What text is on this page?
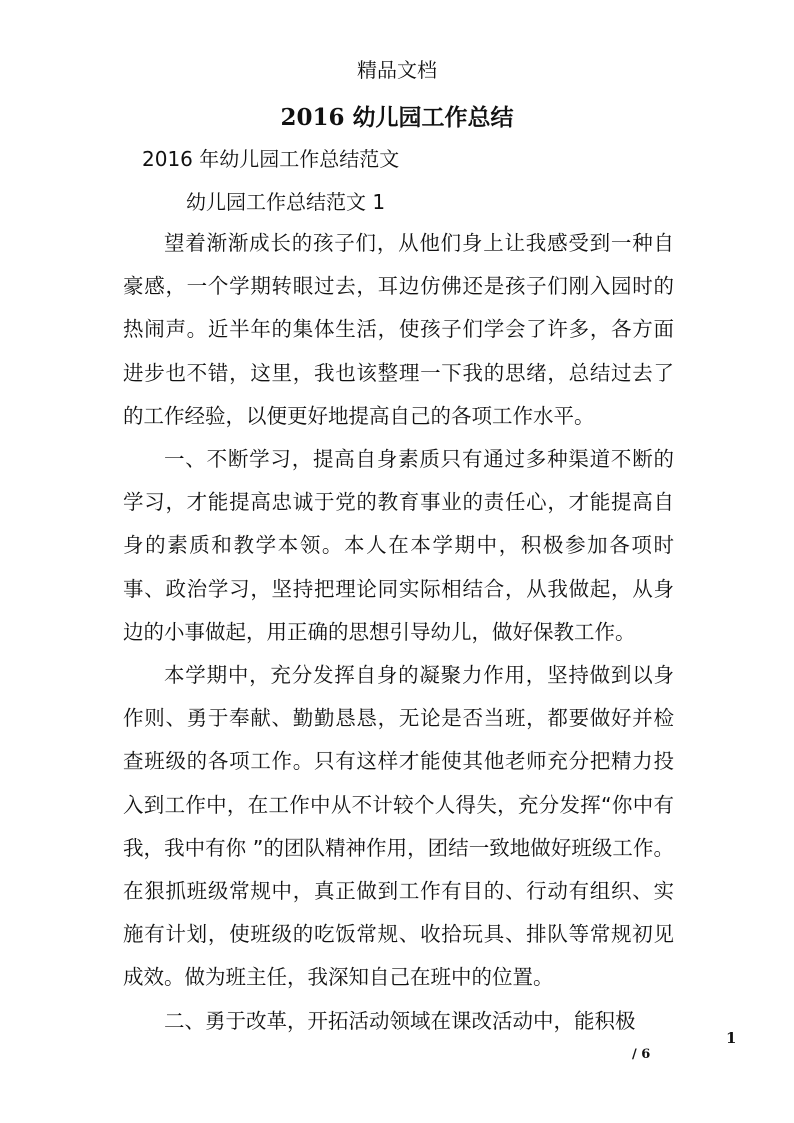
精品文档
2016 幼儿园工作总结
2016 年幼儿园工作总结范文
幼儿园工作总结范文 1

望着渐渐成长的孩子们，从他们身上让我感受到一种自豪感，一个学期转眼过去，耳边仿佛还是孩子们刚入园时的热闹声。近半年的集体生活，使孩子们学会了许多，各方面进步也不错，这里，我也该整理一下我的思绪，总结过去了的工作经验，以便更好地提高自己的各项工作水平。

一、不断学习，提高自身素质只有通过多种渠道不断的学习，才能提高忠诚于党的教育事业的责任心，才能提高自身的素质和教学本领。本人在本学期中，积极参加各项时事、政治学习，坚持把理论同实际相结合，从我做起，从身边的小事做起，用正确的思想引导幼儿，做好保教工作。

本学期中，充分发挥自身的凝聚力作用，坚持做到以身作则、勇于奉献、勤勤恳恳，无论是否当班，都要做好并检查班级的各项工作。只有这样才能使其他老师充分把精力投入到工作中，在工作中从不计较个人得失，充分发挥“你中有我，我中有你 ”的团队精神作用，团结一致地做好班级工作。在狠抓班级常规中，真正做到工作有目的、行动有组织、实施有计划，使班级的吃饭常规、收拾玩具、排队等常规初见成效。做为班主任，我深知自己在班中的位置。

二、勇于改革，开拓活动领域在课改活动中，能积极

1
/ 6
